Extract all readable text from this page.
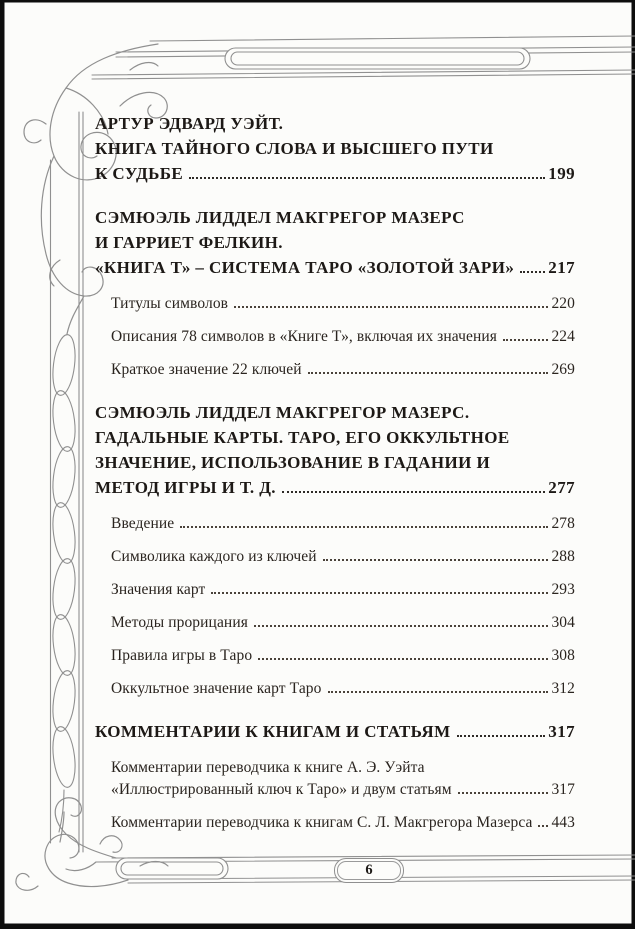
6
АРТУР ЭДВАРД УЭЙТ.
КНИГА ТАЙНОГО СЛОВА И ВЫСШЕГО ПУТИ
К СУДЬБЕ	199
СЭМЮЭЛЬ ЛИДДЕЛ МАКГРЕГОР МАЗЕРС
И ГАРРИЕТ ФЕЛКИН.
«КНИГА Т» – СИСТЕМА ТАРО «ЗОЛОТОЙ ЗАРИ» 217
Титулы символов	220
Описания 78 символов в «Книге Т», включая их значения	224
Краткое значение 22 ключей	269
СЭМЮЭЛЬ ЛИДДЕЛ МАКГРЕГОР МАЗЕРС.
ГАДАЛЬНЫЕ КАРТЫ. ТАРО, ЕГО ОККУЛЬТНОЕ
ЗНАЧЕНИЕ, ИСПОЛЬЗОВАНИЕ В ГАДАНИИ И
МЕТОД ИГРЫ И Т. Д.	277
Введение	278
Символика каждого из ключей	288
Значения карт	293
Методы прорицания	304
Правила игры в Таро	308
Оккультное значение карт Таро	312
КОММЕНТАРИИ К КНИГАМ И СТАТЬЯМ	317
Комментарии переводчика к книге А. Э. Уэйта
«Иллюстрированный ключ к Таро» и двум статьям	317
Комментарии переводчика к книгам С. Л. Макгрегора Мазерса 443
